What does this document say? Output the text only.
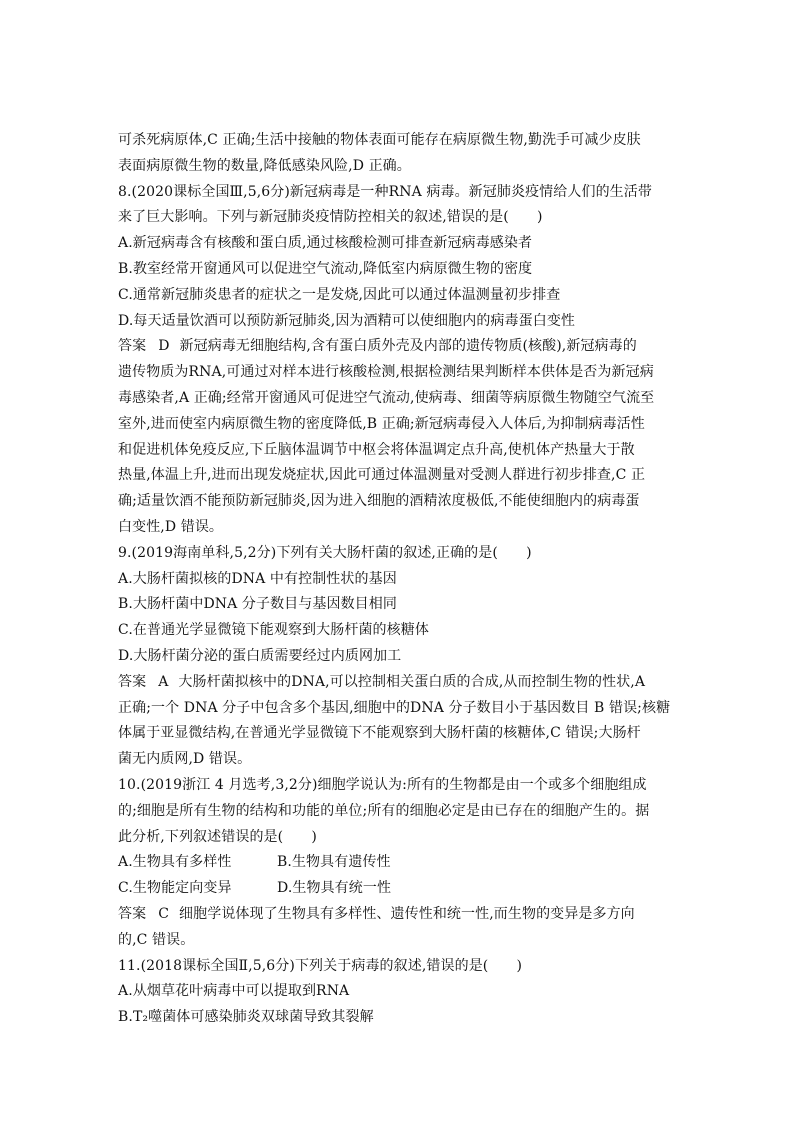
可杀死病原体,C 正确;生活中接触的物体表面可能存在病原微生物,勤洗手可减少皮肤
表面病原微生物的数量,降低感染风险,D 正确。
8.(2020课标全国Ⅲ,5,6分)新冠病毒是一种RNA 病毒。新冠肺炎疫情给人们的生活带
来了巨大影响。下列与新冠肺炎疫情防控相关的叙述,错误的是(　　)
A.新冠病毒含有核酸和蛋白质,通过核酸检测可排查新冠病毒感染者
B.教室经常开窗通风可以促进空气流动,降低室内病原微生物的密度
C.通常新冠肺炎患者的症状之一是发烧,因此可以通过体温测量初步排查
D.每天适量饮酒可以预防新冠肺炎,因为酒精可以使细胞内的病毒蛋白变性
答案 D 新冠病毒无细胞结构,含有蛋白质外壳及内部的遗传物质(核酸),新冠病毒的
遗传物质为RNA,可通过对样本进行核酸检测,根据检测结果判断样本供体是否为新冠病
毒感染者,A 正确;经常开窗通风可促进空气流动,使病毒、细菌等病原微生物随空气流至
室外,进而使室内病原微生物的密度降低,B 正确;新冠病毒侵入人体后,为抑制病毒活性
和促进机体免疫反应,下丘脑体温调节中枢会将体温调定点升高,使机体产热量大于散
热量,体温上升,进而出现发烧症状,因此可通过体温测量对受测人群进行初步排查,C 正
确;适量饮酒不能预防新冠肺炎,因为进入细胞的酒精浓度极低,不能使细胞内的病毒蛋
白变性,D 错误。
9.(2019海南单科,5,2分)下列有关大肠杆菌的叙述,正确的是(　　)
A.大肠杆菌拟核的DNA 中有控制性状的基因
B.大肠杆菌中DNA 分子数目与基因数目相同
C.在普通光学显微镜下能观察到大肠杆菌的核糖体
D.大肠杆菌分泌的蛋白质需要经过内质网加工
答案 A 大肠杆菌拟核中的DNA,可以控制相关蛋白质的合成,从而控制生物的性状,A
正确;一个 DNA 分子中包含多个基因,细胞中的DNA 分子数目小于基因数目 B 错误;核糖
体属于亚显微结构,在普通光学显微镜下不能观察到大肠杆菌的核糖体,C 错误;大肠杆
菌无内质网,D 错误。
10.(2019浙江 4 月选考,3,2分)细胞学说认为:所有的生物都是由一个或多个细胞组成
的;细胞是所有生物的结构和功能的单位;所有的细胞必定是由已存在的细胞产生的。据
此分析,下列叙述错误的是(　　)
A.生物具有多样性	B.生物具有遗传性
C.生物能定向变异	D.生物具有统一性
答案 C 细胞学说体现了生物具有多样性、遗传性和统一性,而生物的变异是多方向
的,C 错误。
11.(2018课标全国Ⅱ,5,6分)下列关于病毒的叙述,错误的是(　　)
A.从烟草花叶病毒中可以提取到RNA
B.T₂噬菌体可感染肺炎双球菌导致其裂解
